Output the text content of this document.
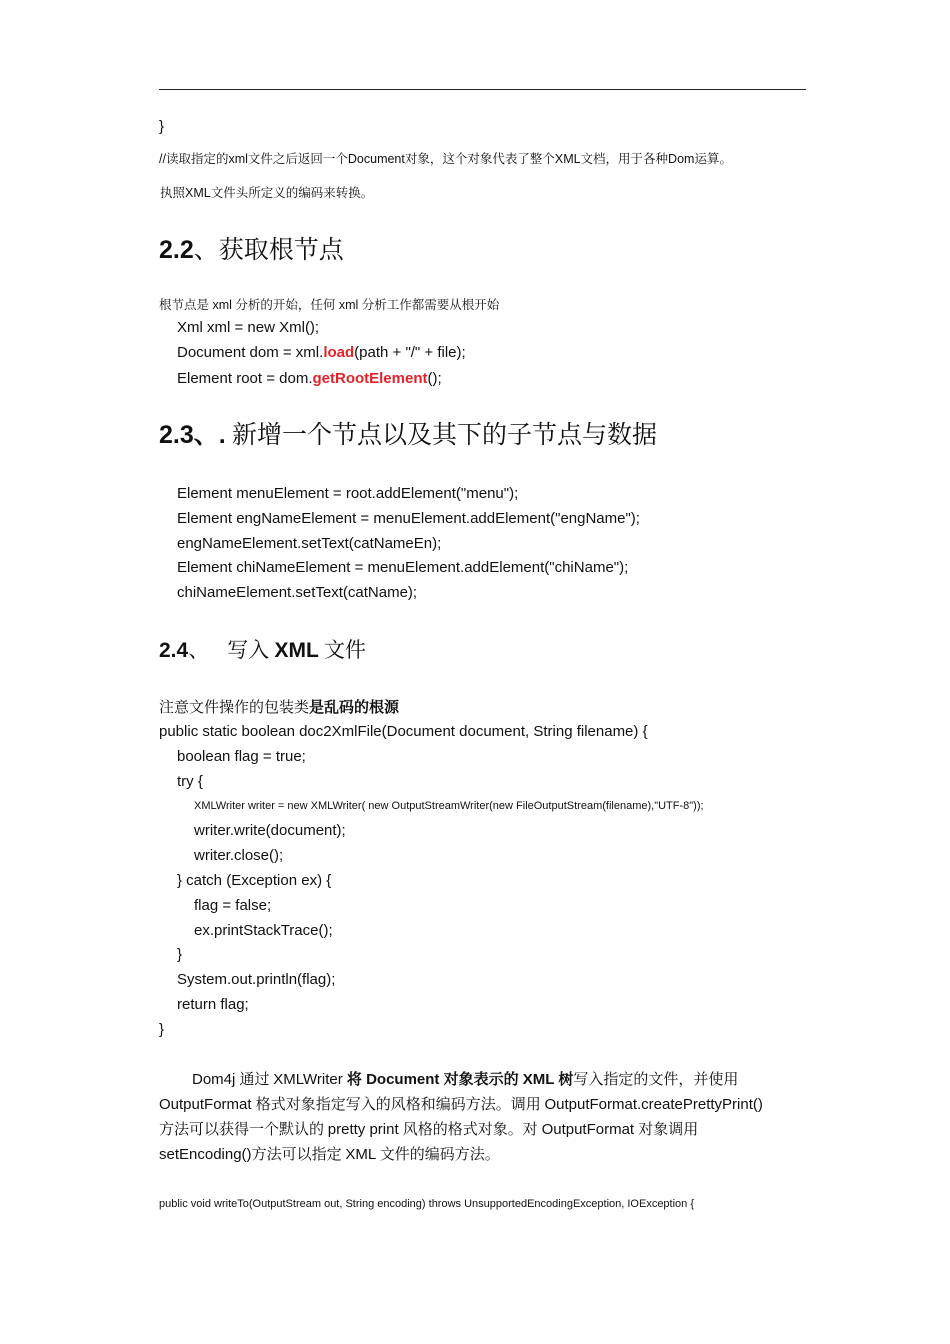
}
//读取指定的xml文件之后返回一个Document对象，这个对象代表了整个XML文档，用于各种Dom运算。
执照XML文件头所定义的编码来转换。
2.2、获取根节点
根节点是 xml 分析的开始，任何 xml 分析工作都需要从根开始
Xml xml = new Xml();
Document dom = xml.load(path + "/" + file);
Element root = dom.getRootElement();
2.3、. 新增一个节点以及其下的子节点与数据
Element menuElement = root.addElement("menu");
Element engNameElement = menuElement.addElement("engName");
engNameElement.setText(catNameEn);
Element chiNameElement = menuElement.addElement("chiName");
chiNameElement.setText(catName);
2.4、 写入 XML 文件
注意文件操作的包装类是乱码的根源
public static boolean doc2XmlFile(Document document, String filename) {
boolean flag = true;
try {
XMLWriter writer = new XMLWriter( new OutputStreamWriter(new FileOutputStream(filename),"UTF-8"));
writer.write(document);
writer.close();
} catch (Exception ex) {
flag = false;
ex.printStackTrace();
}
System.out.println(flag);
return flag;
}
Dom4j 通过 XMLWriter 将 Document 对象表示的 XML 树写入指定的文件，并使用
OutputFormat 格式对象指定写入的风格和编码方法。调用 OutputFormat.createPrettyPrint()
方法可以获得一个默认的 pretty print 风格的格式对象。对 OutputFormat 对象调用
setEncoding()方法可以指定 XML 文件的编码方法。
public void writeTo(OutputStream out, String encoding) throws UnsupportedEncodingException, IOException {
